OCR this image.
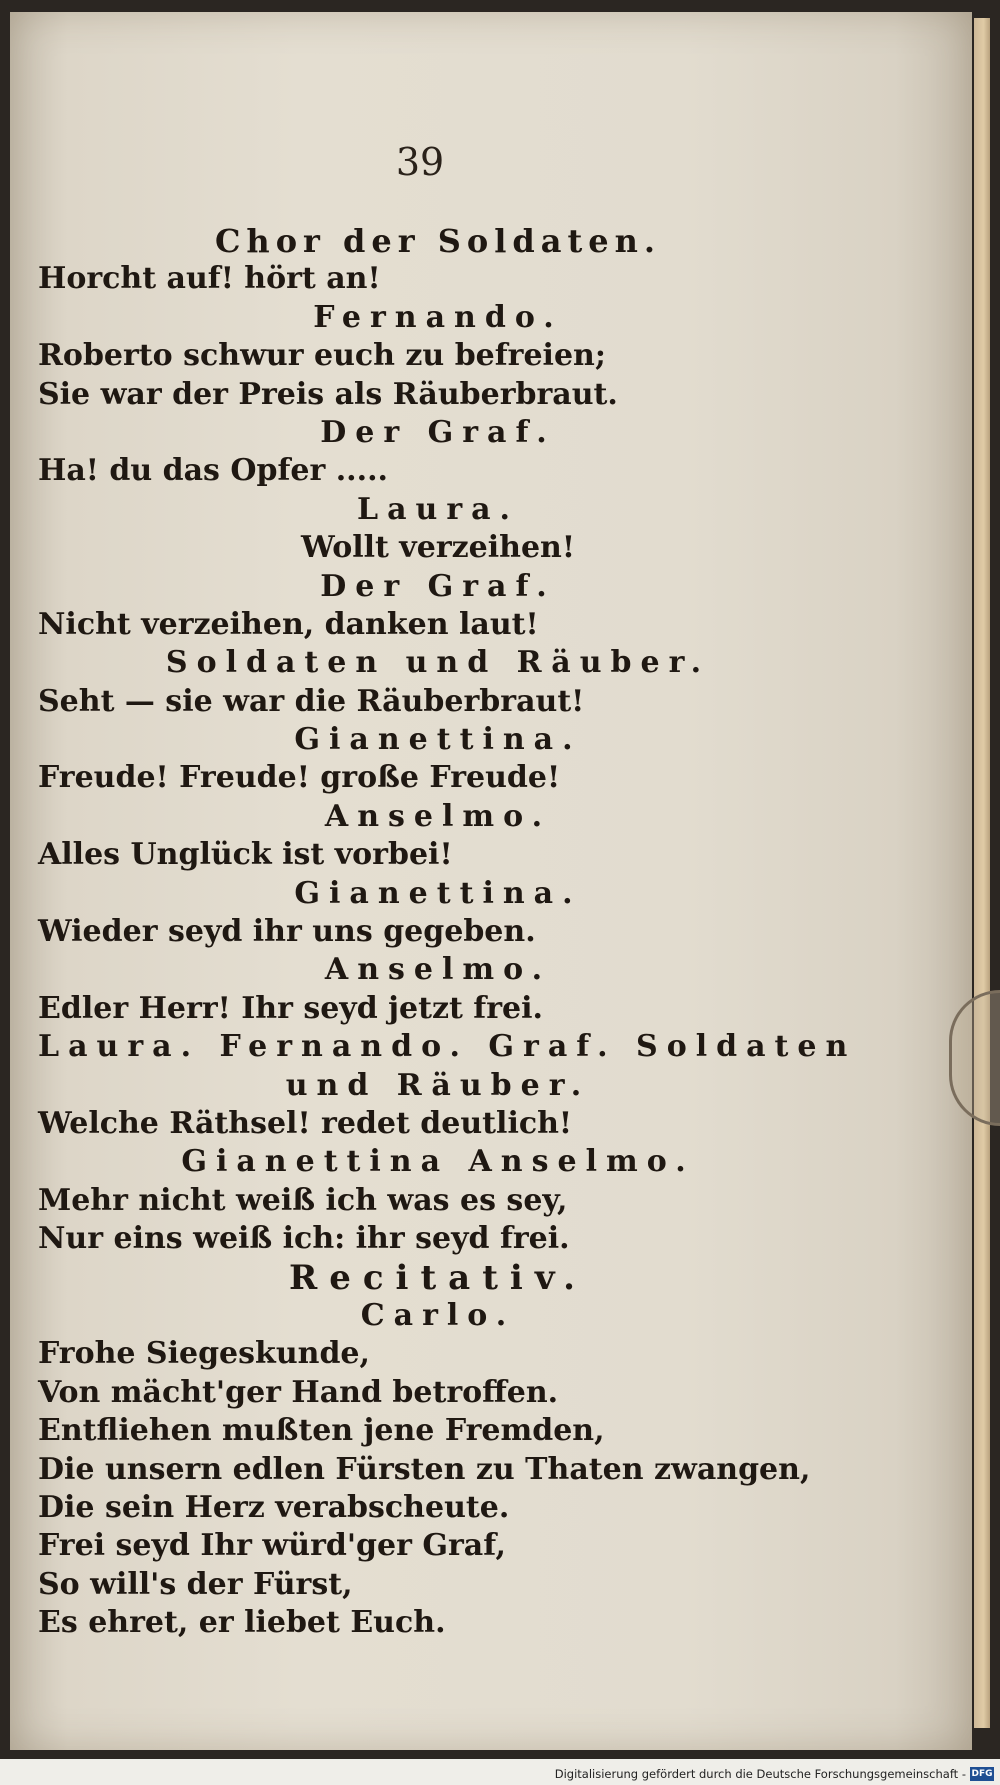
39
Chor der Soldaten.
Horcht auf! hört an!
Fernando.
Roberto schwur euch zu befreien;
Sie war der Preis als Räuberbraut.
Der Graf.
Ha! du das Opfer .....
Laura.
Wollt verzeihen!
Der Graf.
Nicht verzeihen, danken laut!
Soldaten und Räuber.
Seht — sie war die Räuberbraut!
Gianettina.
Freude! Freude! große Freude!
Anselmo.
Alles Unglück ist vorbei!
Gianettina.
Wieder seyd ihr uns gegeben.
Anselmo.
Edler Herr! Ihr seyd jetzt frei.
Laura. Fernando. Graf. Soldaten
und Räuber.
Welche Räthsel! redet deutlich!
Gianettina Anselmo.
Mehr nicht weiß ich was es sey,
Nur eins weiß ich: ihr seyd frei.
Recitativ.
Carlo.
Frohe Siegeskunde,
Von mächt'ger Hand betroffen.
Entfliehen mußten jene Fremden,
Die unsern edlen Fürsten zu Thaten zwangen,
Die sein Herz verabscheute.
Frei seyd Ihr würd'ger Graf,
So will's der Fürst,
Es ehret, er liebet Euch.
Digitalisierung gefördert durch die Deutsche Forschungsgemeinschaft - DFG
